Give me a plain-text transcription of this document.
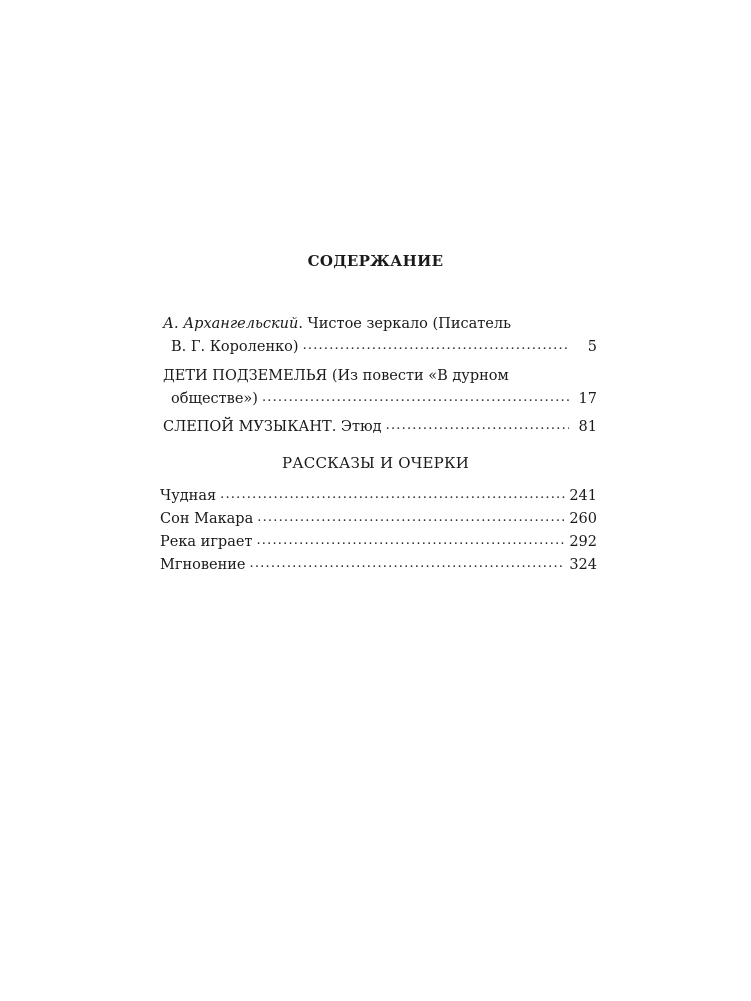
СОДЕРЖАНИЕ
А. Архангельский . Чистое зеркало (Писатель
В. Г. Короленко) .....	5
ДЕТИ ПОДЗЕМЕЛЬЯ (Из повести «В дурном
обществе») .....	17
СЛЕПОЙ МУЗЫКАНТ. Этюд .....	81
РАССКАЗЫ И ОЧЕРКИ
Чудная .....	241
Сон Макара .....	260
Река играет .....	292
Мгновение .....	324
